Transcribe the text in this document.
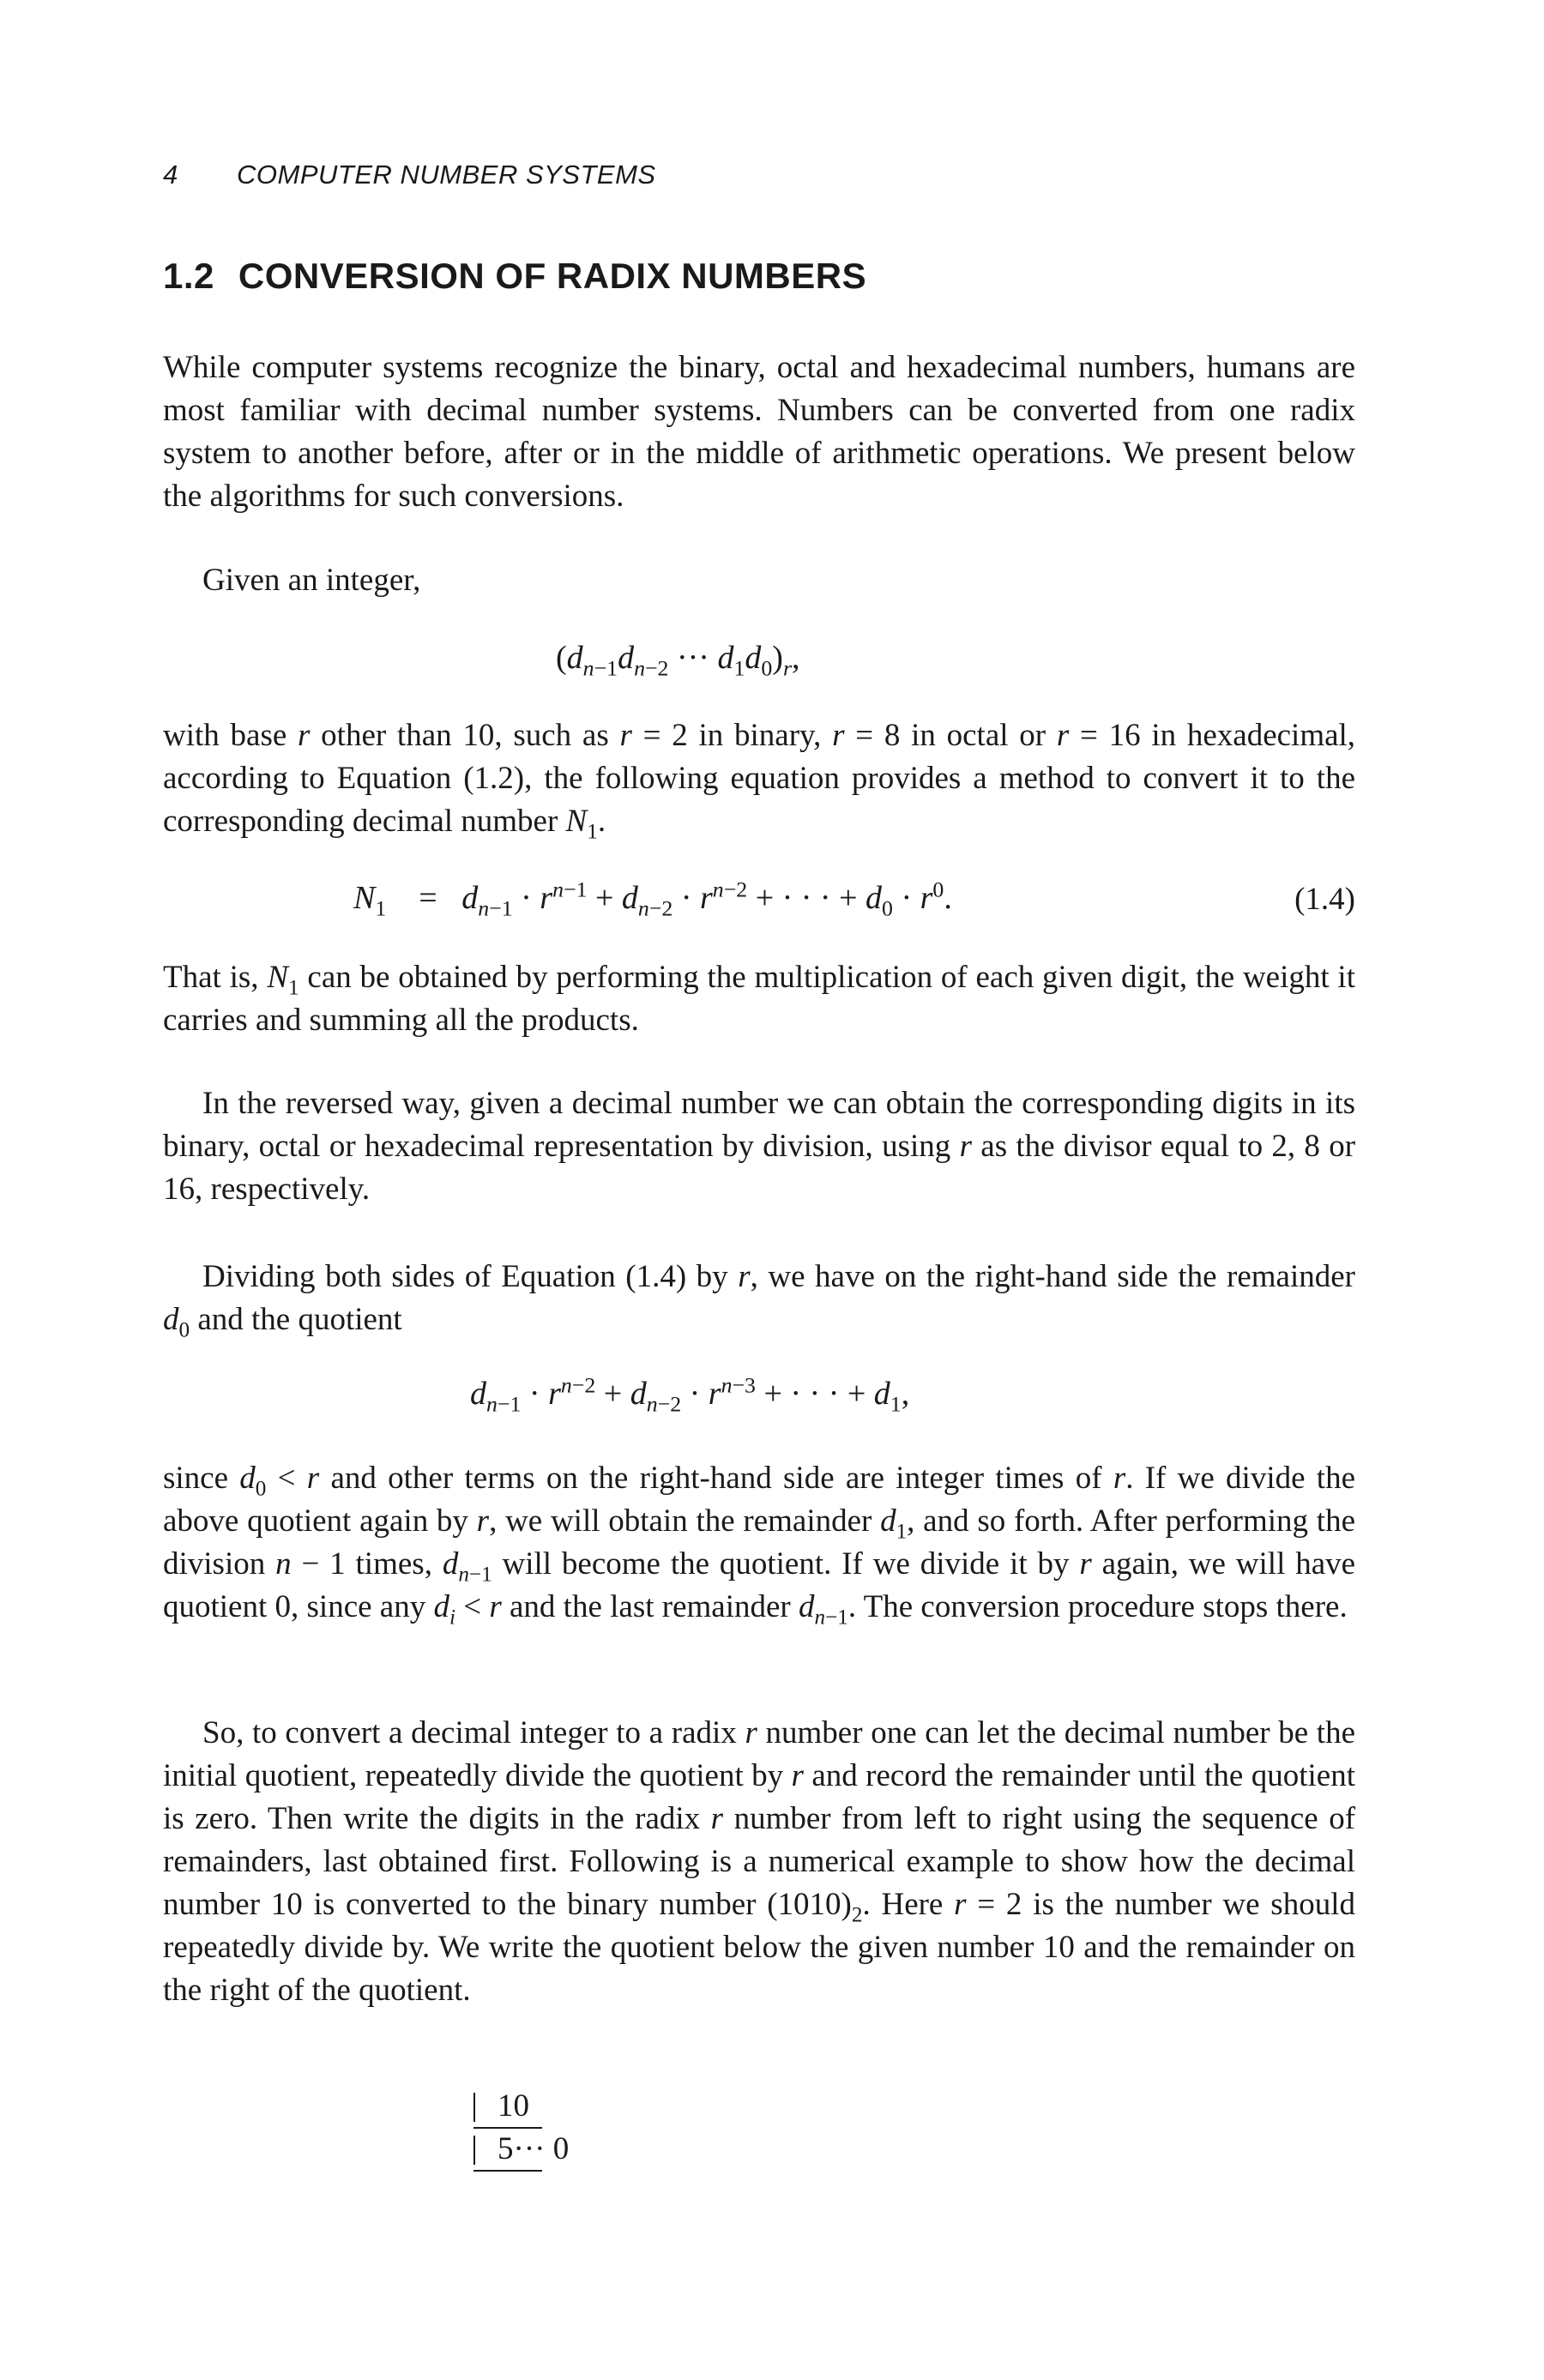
4 COMPUTER NUMBER SYSTEMS
1.2 CONVERSION OF RADIX NUMBERS

While computer systems recognize the binary, octal and hexadecimal numbers, humans are most familiar with decimal number systems. Numbers can be converted from one radix system to another before, after or in the middle of arithmetic operations. We present below the algorithms for such conversions.

Given an integer,

($d_{n-1}d_{n-2}$ ··· $d_1d_0)_r$,

with base r other than 10, such as r = 2 in binary, r = 8 in octal or r = 16 in hexadecimal, according to Equation (1.2), the following equation provides a method to convert it to the corresponding decimal number $N_1$.

$N_1$    =   $d_{n-1} \cdot r^{n-1} + d_{n-2} \cdot r^{n-2}$ + · · · + $d_0 \cdot r^0$.	(1.4)

That is, $N_1$ can be obtained by performing the multiplication of each given digit, the weight it carries and summing all the products.

In the reversed way, given a decimal number we can obtain the corresponding digits in its binary, octal or hexadecimal representation by division, using r as the divisor equal to 2, 8 or 16, respectively.

Dividing both sides of Equation (1.4) by r, we have on the right-hand side the remainder $d_0$ and the quotient

$d_{n-1} \cdot r^{n-2} + d_{n-2} \cdot r^{n-3}$ + · · · + $d_1$,

since $d_0 < r$ and other terms on the right-hand side are integer times of r. If we divide the above quotient again by r, we will obtain the remainder $d_1$, and so forth. After performing the division n − 1 times, $d_{n-1}$ will become the quotient. If we divide it by r again, we will have quotient 0, since any $d_i < r$ and the last remainder $d_{n-1}$. The conversion procedure stops there.

So, to convert a decimal integer to a radix r number one can let the decimal number be the initial quotient, repeatedly divide the quotient by r and record the remainder until the quotient is zero. Then write the digits in the radix r number from left to right using the sequence of remainders, last obtained first. Following is a numerical example to show how the decimal number 10 is converted to the binary number $(1010)_2$. Here r = 2 is the number we should repeatedly divide by. We write the quotient below the given number 10 and the remainder on the right of the quotient.

10
5··· 0
